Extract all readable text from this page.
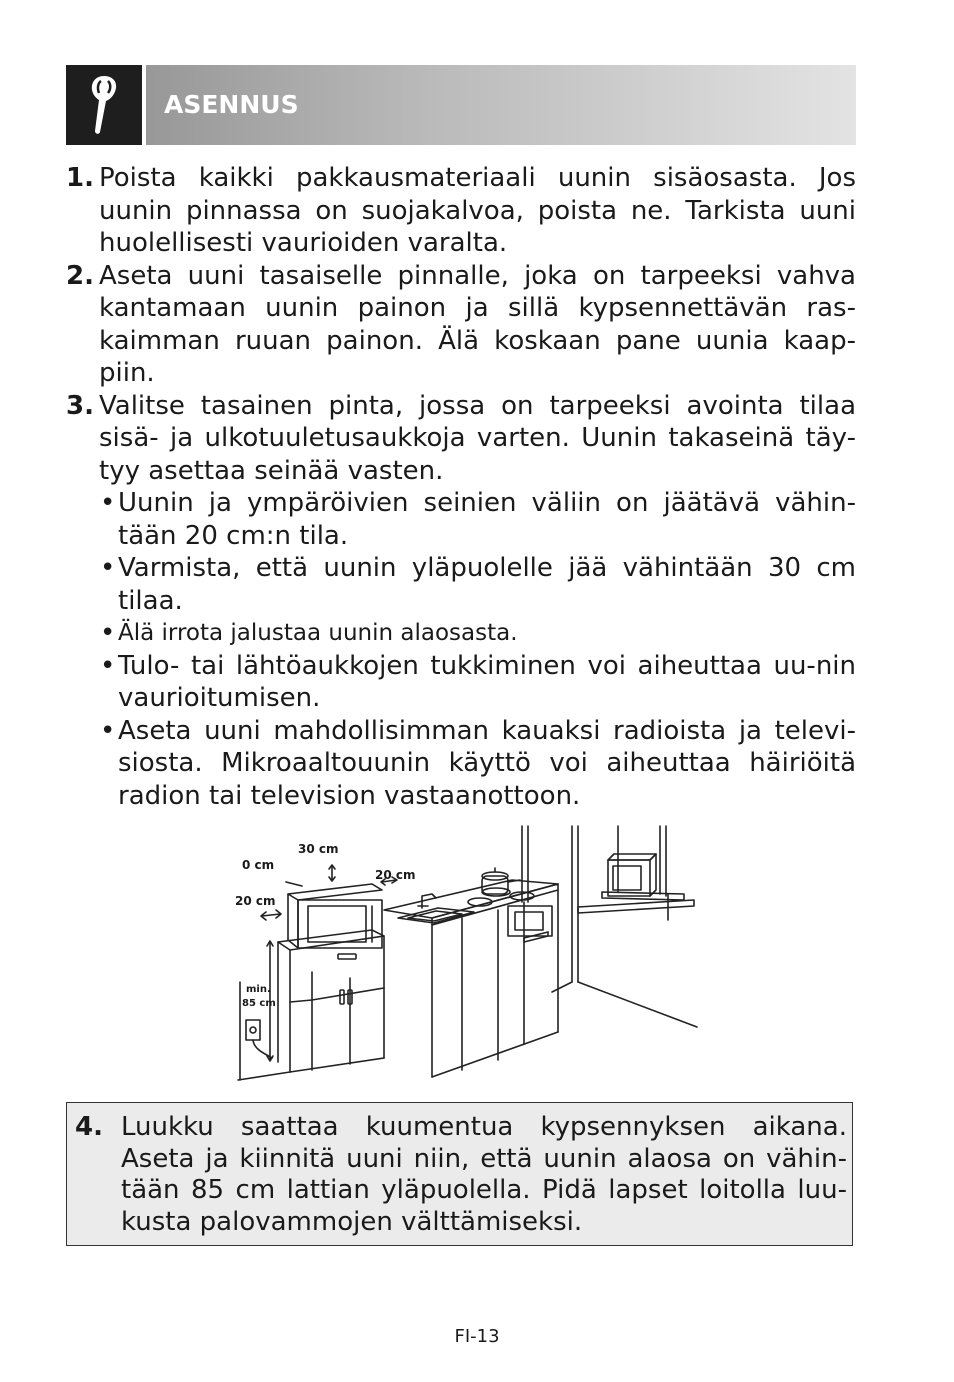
ASENNUS
1. Poista kaikki pakkausmateriaali uunin sisäosasta. Jos uunin pinnassa on suojakalvoa, poista ne. Tarkista uuni huolellisesti vaurioiden varalta.
2. Aseta uuni tasaiselle pinnalle, joka on tarpeeksi vahva kantamaan uunin painon ja sillä kypsennettävän ras-kaimman ruuan painon. Älä koskaan pane uunia kaap-piin.
3. Valitse tasainen pinta, jossa on tarpeeksi avointa tilaa sisä- ja ulkotuuletusaukkoja varten. Uunin takaseinä täy-tyy asettaa seinää vasten.
• Uunin ja ympäröivien seinien väliin on jäätävä vähin-tään 20 cm:n tila.
• Varmista, että uunin yläpuolelle jää vähintään 30 cm tilaa.
• Älä irrota jalustaa uunin alaosasta.
• Tulo- tai lähtöaukkojen tukkiminen voi aiheuttaa uu-nin vaurioitumisen.
• Aseta uuni mahdollisimman kauaksi radioista ja televi-siosta. Mikroaaltouunin käyttö voi aiheuttaa häiriöitä radion tai television vastaanottoon.
30 cm
0 cm
20 cm
20 cm
min.
85 cm
4. Luukku saattaa kuumentua kypsennyksen aikana. Aseta ja kiinnitä uuni niin, että uunin alaosa on vähin-tään 85 cm lattian yläpuolella. Pidä lapset loitolla luu-kusta palovammojen välttämiseksi.
FI-13
